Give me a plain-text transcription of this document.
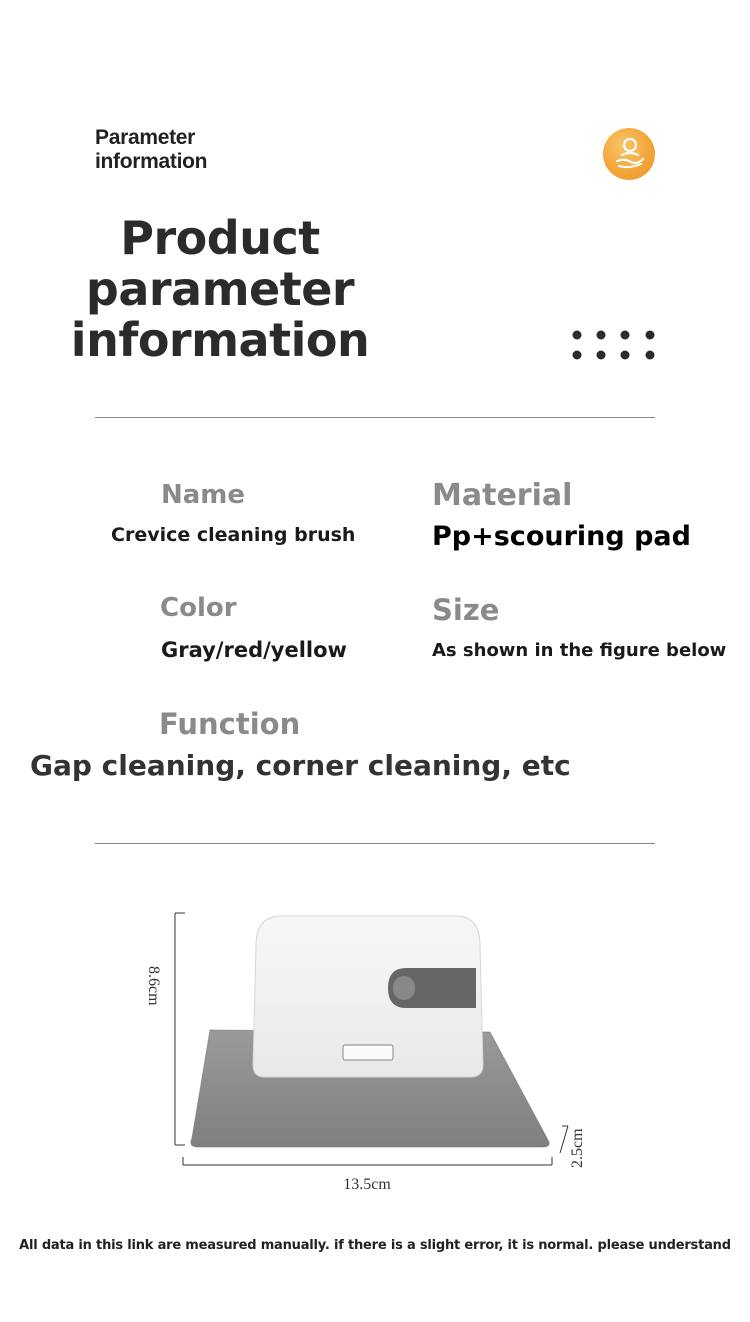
Parameter
information
Product
parameter
information
Name
Crevice cleaning brush
Material
Pp+scouring pad
Color
Gray/red/yellow
Size
As shown in the figure below
Function
Gap cleaning, corner cleaning, etc
8.6cm
13.5cm
2.5cm
All data in this link are measured manually. if there is a slight error, it is normal. please understand
